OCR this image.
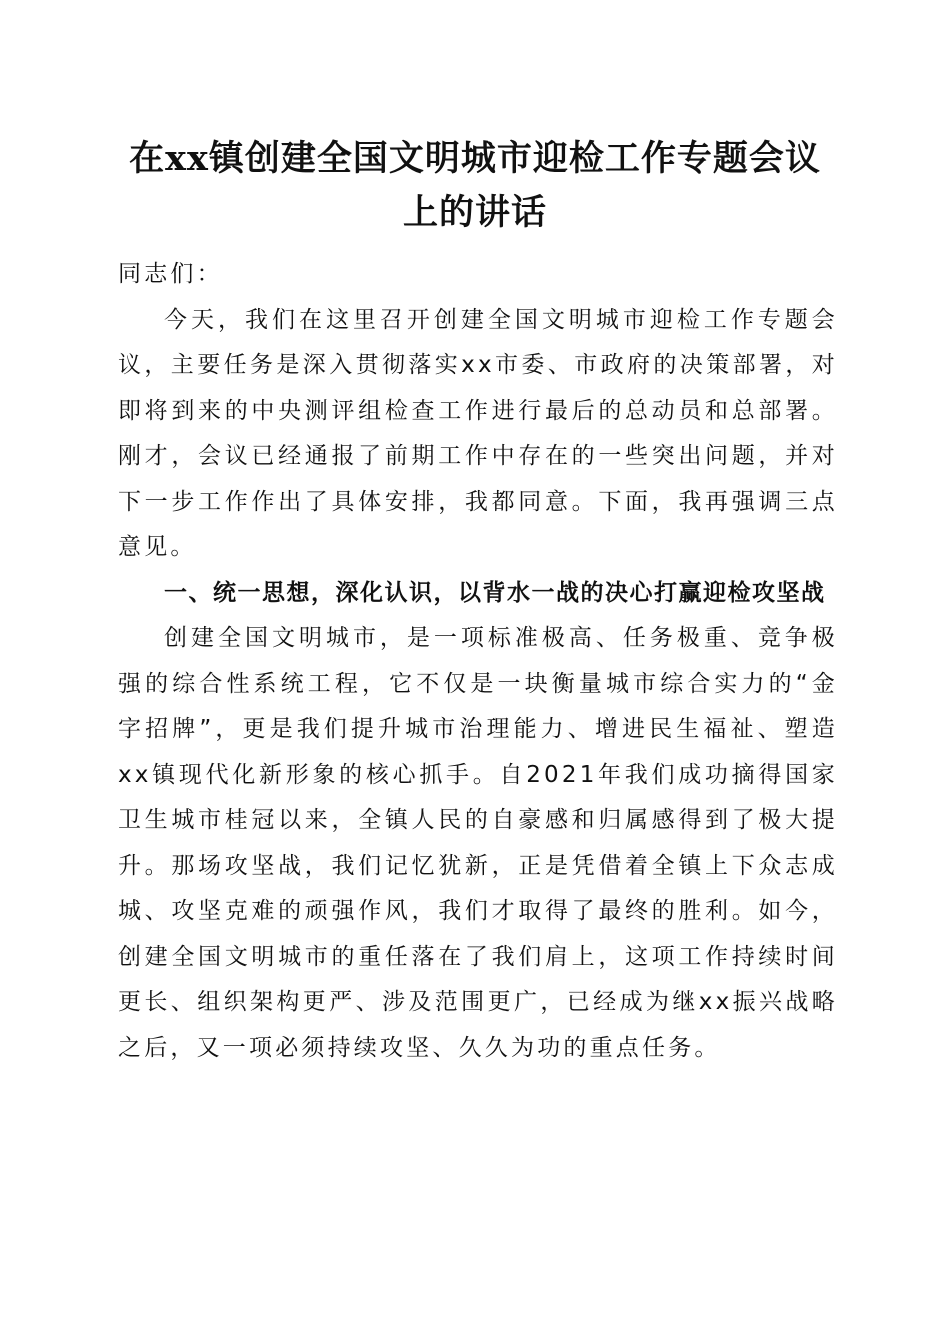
在xx镇创建全国文明城市迎检工作专题会议
上的讲话

同志们：

今天，我们在这里召开创建全国文明城市迎检工作专题会议，主要任务是深入贯彻落实xx市委、市政府的决策部署，对即将到来的中央测评组检查工作进行最后的总动员和总部署。刚才，会议已经通报了前期工作中存在的一些突出问题，并对下一步工作作出了具体安排，我都同意。下面，我再强调三点意见。

一、统一思想，深化认识，以背水一战的决心打赢迎检攻坚战

创建全国文明城市，是一项标准极高、任务极重、竞争极强的综合性系统工程，它不仅是一块衡量城市综合实力的“金字招牌”，更是我们提升城市治理能力、增进民生福祉、塑造xx镇现代化新形象的核心抓手。自2021年我们成功摘得国家卫生城市桂冠以来，全镇人民的自豪感和归属感得到了极大提升。那场攻坚战，我们记忆犹新，正是凭借着全镇上下众志成城、攻坚克难的顽强作风，我们才取得了最终的胜利。如今，创建全国文明城市的重任落在了我们肩上，这项工作持续时间更长、组织架构更严、涉及范围更广，已经成为继xx振兴战略之后，又一项必须持续攻坚、久久为功的重点任务。
